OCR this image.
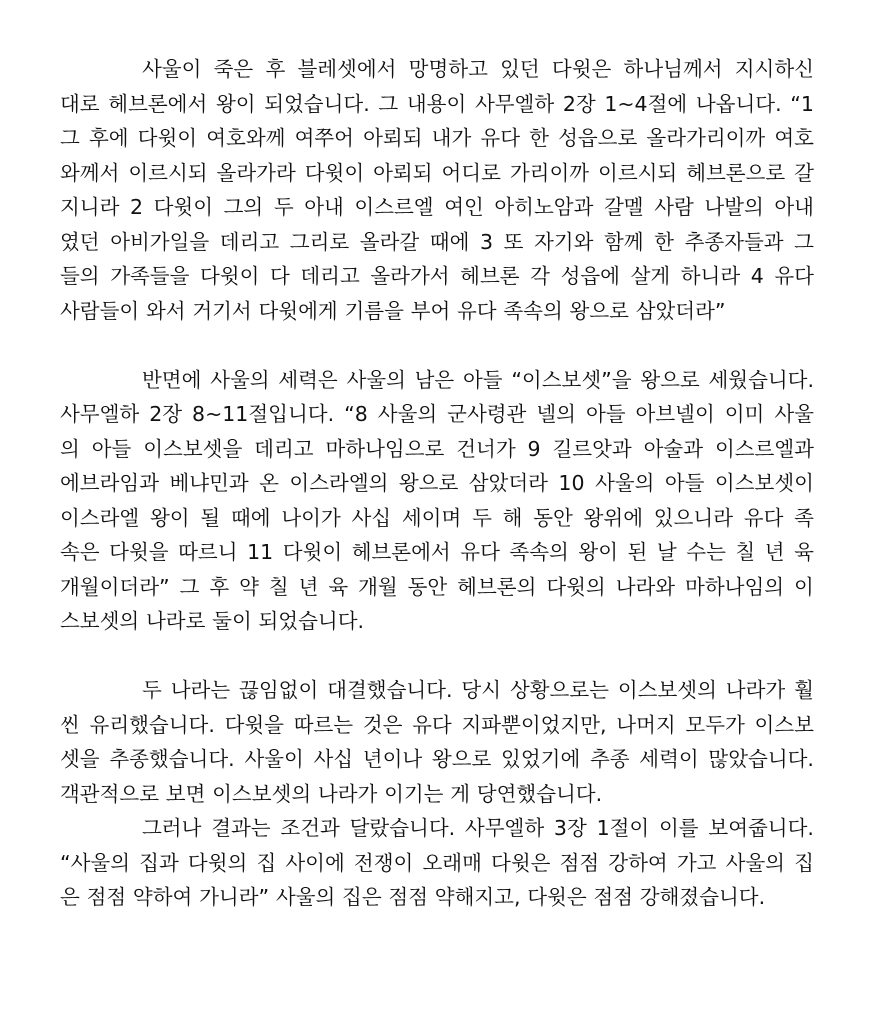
사울이 죽은 후 블레셋에서 망명하고 있던 다윗은 하나님께서 지시하신
대로 헤브론에서 왕이 되었습니다. 그 내용이 사무엘하 2장 1~4절에 나옵니다. “1
그 후에 다윗이 여호와께 여쭈어 아뢰되 내가 유다 한 성읍으로 올라가리이까 여호
와께서 이르시되 올라가라 다윗이 아뢰되 어디로 가리이까 이르시되 헤브론으로 갈
지니라 2 다윗이 그의 두 아내 이스르엘 여인 아히노암과 갈멜 사람 나발의 아내
였던 아비가일을 데리고 그리로 올라갈 때에 3 또 자기와 함께 한 추종자들과 그
들의 가족들을 다윗이 다 데리고 올라가서 헤브론 각 성읍에 살게 하니라 4 유다
사람들이 와서 거기서 다윗에게 기름을 부어 유다 족속의 왕으로 삼았더라”
반면에 사울의 세력은 사울의 남은 아들 “이스보셋”을 왕으로 세웠습니다.
사무엘하 2장 8~11절입니다. “8 사울의 군사령관 넬의 아들 아브넬이 이미 사울
의 아들 이스보셋을 데리고 마하나임으로 건너가 9 길르앗과 아술과 이스르엘과
에브라임과 베냐민과 온 이스라엘의 왕으로 삼았더라 10 사울의 아들 이스보셋이
이스라엘 왕이 될 때에 나이가 사십 세이며 두 해 동안 왕위에 있으니라 유다 족
속은 다윗을 따르니 11 다윗이 헤브론에서 유다 족속의 왕이 된 날 수는 칠 년 육
개월이더라” 그 후 약 칠 년 육 개월 동안 헤브론의 다윗의 나라와 마하나임의 이
스보셋의 나라로 둘이 되었습니다.
두 나라는 끊임없이 대결했습니다. 당시 상황으로는 이스보셋의 나라가 훨
씬 유리했습니다. 다윗을 따르는 것은 유다 지파뿐이었지만, 나머지 모두가 이스보
셋을 추종했습니다. 사울이 사십 년이나 왕으로 있었기에 추종 세력이 많았습니다.
객관적으로 보면 이스보셋의 나라가 이기는 게 당연했습니다.
그러나 결과는 조건과 달랐습니다. 사무엘하 3장 1절이 이를 보여줍니다.
“사울의 집과 다윗의 집 사이에 전쟁이 오래매 다윗은 점점 강하여 가고 사울의 집
은 점점 약하여 가니라” 사울의 집은 점점 약해지고, 다윗은 점점 강해졌습니다.
